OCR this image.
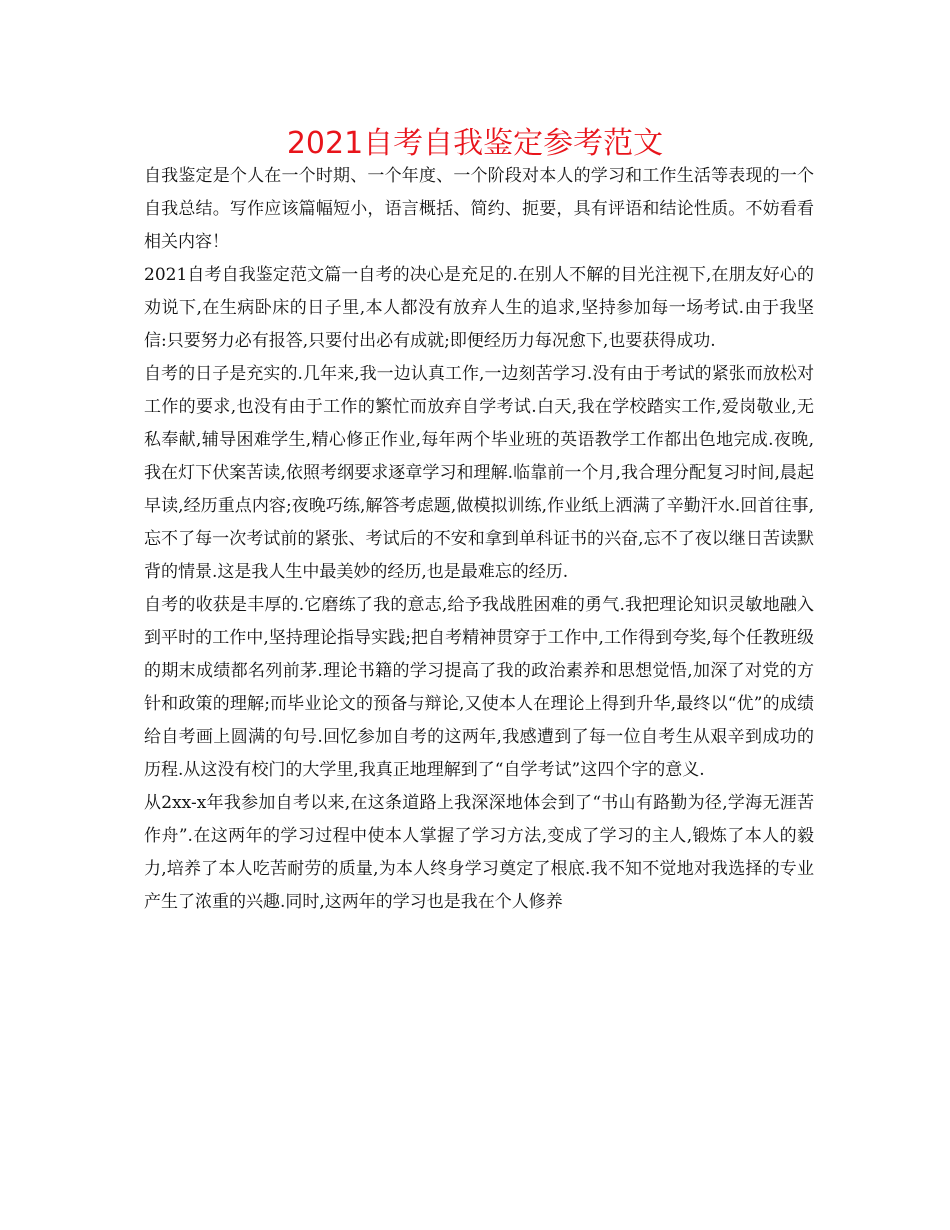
2021自考自我鉴定参考范文

自我鉴定是个人在一个时期、一个年度、一个阶段对本人的学习和工作生活等表现的一个自我总结。写作应该篇幅短小，语言概括、简约、扼要，具有评语和结论性质。不妨看看相关内容！

2021自考自我鉴定范文篇一自考的决心是充足的.在别人不解的目光注视下,在朋友好心的劝说下,在生病卧床的日子里,本人都没有放弃人生的追求,坚持参加每一场考试.由于我坚信:只要努力必有报答,只要付出必有成就;即便经历力每况愈下,也要获得成功.

自考的日子是充实的.几年来,我一边认真工作,一边刻苦学习.没有由于考试的紧张而放松对工作的要求,也没有由于工作的繁忙而放弃自学考试.白天,我在学校踏实工作,爱岗敬业,无私奉献,辅导困难学生,精心修正作业,每年两个毕业班的英语教学工作都出色地完成.夜晚,我在灯下伏案苦读,依照考纲要求逐章学习和理解.临靠前一个月,我合理分配复习时间,晨起早读,经历重点内容;夜晚巧练,解答考虑题,做模拟训练,作业纸上洒满了辛勤汗水.回首往事,忘不了每一次考试前的紧张、考试后的不安和拿到单科证书的兴奋,忘不了夜以继日苦读默背的情景.这是我人生中最美妙的经历,也是最难忘的经历.

自考的收获是丰厚的.它磨练了我的意志,给予我战胜困难的勇气.我把理论知识灵敏地融入到平时的工作中,坚持理论指导实践;把自考精神贯穿于工作中,工作得到夸奖,每个任教班级的期末成绩都名列前茅.理论书籍的学习提高了我的政治素养和思想觉悟,加深了对党的方针和政策的理解;而毕业论文的预备与辩论,又使本人在理论上得到升华,最终以“优”的成绩给自考画上圆满的句号.回忆参加自考的这两年,我感遭到了每一位自考生从艰辛到成功的历程.从这没有校门的大学里,我真正地理解到了“自学考试”这四个字的意义.

从2xx-x年我参加自考以来,在这条道路上我深深地体会到了“书山有路勤为径,学海无涯苦作舟”.在这两年的学习过程中使本人掌握了学习方法,变成了学习的主人,锻炼了本人的毅力,培养了本人吃苦耐劳的质量,为本人终身学习奠定了根底.我不知不觉地对我选择的专业产生了浓重的兴趣.同时,这两年的学习也是我在个人修养
